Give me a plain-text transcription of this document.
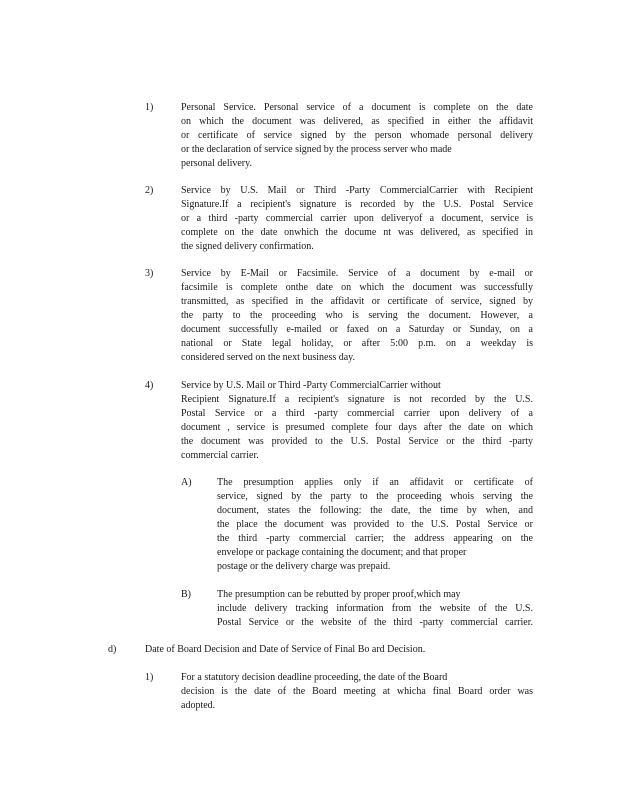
1)	Personal Service. Personal service of a document is complete on the date
on which the document was delivered, as specified in either the affidavit
or certificate of service signed by the person whomade personal delivery
or the declaration of service signed by the process server who made
personal delivery.
2)	Service by U.S. Mail or Third -Party CommercialCarrier with Recipient
Signature.If a recipient's signature is recorded by the U.S. Postal Service
or a third -party commercial carrier upon deliveryof a document, service is
complete on the date onwhich the docume nt was delivered, as specified in
the signed delivery confirmation.
3)	Service by E-Mail or Facsimile. Service of a document by e-mail or
facsimile is complete onthe date on which the document was successfully
transmitted, as specified in the affidavit or certificate of service, signed by
the party to the proceeding who is serving the document. However, a
document successfully e-mailed or faxed on a Saturday or Sunday, on a
national or State legal holiday, or after 5:00 p.m. on a weekday is
considered served on the next business day.
4)	Service by U.S. Mail or Third -Party CommercialCarrier without
Recipient Signature.If a recipient's signature is not recorded by the U.S.
Postal Service or a third -party commercial carrier upon delivery of a
document , service is presumed complete four days after the date on which
the document was provided to the U.S. Postal Service or the third -party
commercial carrier.
A)	The presumption applies only if an affidavit or certificate of
service, signed by the party to the proceeding whois serving the
document, states the following: the date, the time by when, and
the place the document was provided to the U.S. Postal Service or
the third -party commercial carrier; the address appearing on the
envelope or package containing the document; and that proper
postage or the delivery charge was prepaid.
B)	The presumption can be rebutted by proper proof,which may
include delivery tracking information from the website of the U.S.
Postal Service or the website of the third -party commercial carrier.
d)	Date of Board Decision and Date of Service of Final Bo ard Decision.
1)	For a statutory decision deadline proceeding, the date of the Board
decision is the date of the Board meeting at whicha final Board order was
adopted.
